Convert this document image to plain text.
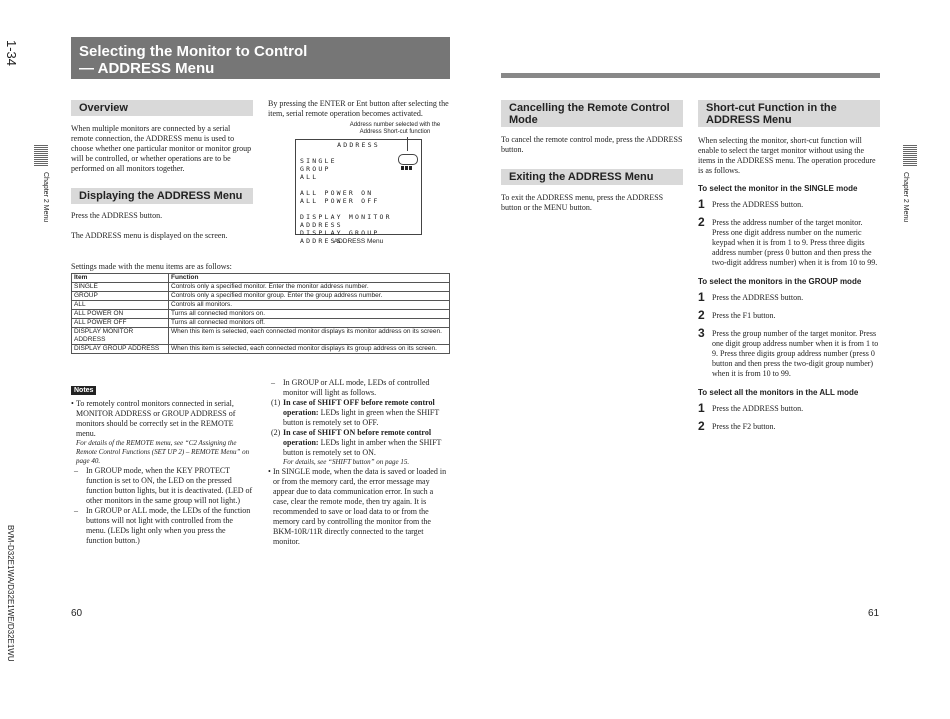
1-34
Chapter 2 Menu
BVM-D32E1WA/D32E1WE/D32E1WU
Selecting the Monitor to Control
— ADDRESS Menu
Overview
When multiple monitors are connected by a serial remote connection, the ADDRESS menu is used to choose whether one particular monitor or monitor group will be controlled, or whether operations are to be performed on all monitors together.
Displaying the ADDRESS Menu
Press the ADDRESS button.
The ADDRESS menu is displayed on the screen.
By pressing the ENTER or Ent button after selecting the item, serial remote operation becomes activated.
Address number selected with the
Address Short-cut function
ADDRESS
SINGLE
GROUP
ALL
ALL POWER ON
ALL POWER OFF
DISPLAY MONITOR ADDRESS
DISPLAY GROUP ADDRESS
ADDRESS Menu
Settings made with the menu items are as follows:
Item	Function
SINGLE	Controls only a specified monitor. Enter the monitor address number.
GROUP	Controls only a specified monitor group. Enter the group address number.
ALL	Controls all monitors.
ALL POWER ON	Turns all connected monitors on.
ALL POWER OFF	Turns all connected monitors off.
DISPLAY MONITOR ADDRESS	When this item is selected, each connected monitor displays its monitor address on its screen.
DISPLAY GROUP ADDRESS	When this item is selected, each connected monitor displays its group address on its screen.
Notes
• To remotely control monitors connected in serial, MONITOR ADDRESS or GROUP ADDRESS of monitors should be correctly set in the REMOTE menu.
For details of the REMOTE menu, see “C2 Assigning the Remote Control Functions (SET UP 2) – REMOTE Menu” on page 40.
–	In GROUP mode, when the KEY PROTECT function is set to ON, the LED on the pressed function button lights, but it is deactivated. (LED of other monitors in the same group will not light.)
–	In GROUP or ALL mode, the LEDs of the function buttons will not light with controlled from the menu. (LEDs light only when you press the function button.)
–	In GROUP or ALL mode, LEDs of controlled monitor will light as follows.
(1) In case of SHIFT OFF before remote control operation: LEDs light in green when the SHIFT button is remotely set to OFF.
(2) In case of SHIFT ON before remote control operation: LEDs light in amber when the SHIFT button is remotely set to ON.
For details, see “SHIFT button” on page 15.
• In SINGLE mode, when the data is saved or loaded in or from the memory card, the error message may appear due to data communication error. In such a case, clear the remote mode, then try again. It is recommended to save or load data to or from the memory card by controlling the monitor from the BKM-10R/11R directly connected to the target monitor.
60
Cancelling the Remote Control Mode
To cancel the remote control mode, press the ADDRESS button.
Exiting the ADDRESS Menu
To exit the ADDRESS menu, press the ADDRESS button or the MENU button.
Short-cut Function in the ADDRESS Menu
When selecting the monitor, short-cut function will enable to select the target monitor without using the items in the ADDRESS menu. The operation procedure is as follows.
To select the monitor in the SINGLE mode
1 Press the ADDRESS button.
2 Press the address number of the target monitor. Press one digit address number on the numeric keypad when it is from 1 to 9. Press three digits address number (press 0 button and then press the two-digit address number) when it is from 10 to 99.
To select the monitors in the GROUP mode
1 Press the ADDRESS button.
2 Press the F1 button.
3 Press the group number of the target monitor. Press one digit group address number when it is from 1 to 9. Press three digits group address number (press 0 button and then press the two-digit group number) when it is from 10 to 99.
To select all the monitors in the ALL mode
1 Press the ADDRESS button.
2 Press the F2 button.
Chapter 2 Menu
61
